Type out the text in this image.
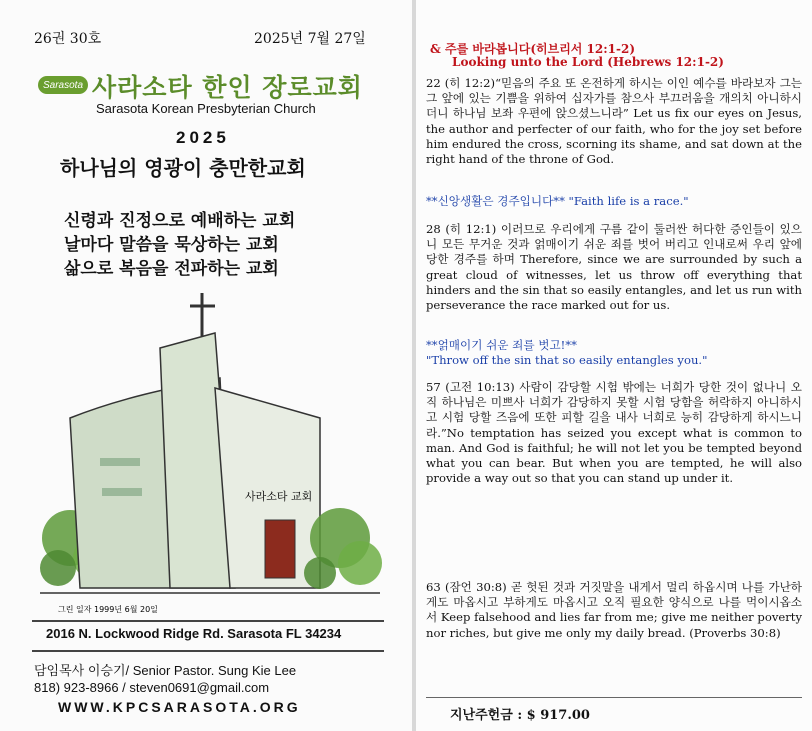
26권 30호	2025년 7월 27일
Sarasota 사라소타 한인 장로교회
Sarasota Korean Presbyterian Church
2025
하나님의 영광이 충만한교회
신령과 진정으로 예배하는 교회
날마다 말씀을 묵상하는 교회
삶으로 복음을 전파하는 교회
사라소타 교회
그린 일자 1999년 6월 20일
2016 N. Lockwood Ridge Rd. Sarasota FL 34234
담임목사 이승기/ Senior Pastor. Sung Kie Lee
818) 923-8966 / steven0691@gmail.com
WWW.KPCSARASOTA.ORG
& 주를 바라봅니다(히브리서 12:1-2)
Looking unto the Lord (Hebrews 12:1-2)
22 (히 12:2)“믿음의 주요 또 온전하게 하시는 이인 예수를 바라보자 그는 그 앞에 있는 기쁨을 위하여 십자가를 참으사 부끄러움을 개의치 아니하시더니 하나님 보좌 우편에 앉으셨느니라” Let us fix our eyes on Jesus, the author and perfecter of our faith, who for the joy set before him endured the cross, scorning its shame, and sat down at the right hand of the throne of God.
**신앙생활은 경주입니다** "Faith life is a race."
28 (히 12:1) 이러므로 우리에게 구름 같이 둘러싼 허다한 증인들이 있으니 모든 무거운 것과 얽매이기 쉬운 죄를 벗어 버리고 인내로써 우리 앞에 당한 경주를 하며 Therefore, since we are surrounded by such a great cloud of witnesses, let us throw off everything that hinders and the sin that so easily entangles, and let us run with perseverance the race marked out for us.
**얽매이기 쉬운 죄를 벗고!**
"Throw off the sin that so easily entangles you."
57 (고전 10:13) 사람이 감당할 시험 밖에는 너희가 당한 것이 없나니 오직 하나님은 미쁘사 너희가 감당하지 못할 시험 당함을 허락하지 아니하시고 시험 당할 즈음에 또한 피할 길을 내사 너희로 능히 감당하게 하시느니라.”No temptation has seized you except what is common to man. And God is faithful; he will not let you be tempted beyond what you can bear. But when you are tempted, he will also provide a way out so that you can stand up under it.
63 (잠언 30:8) 곧 헛된 것과 거짓말을 내게서 멀리 하옵시며 나를 가난하게도 마옵시고 부하게도 마옵시고 오직 필요한 양식으로 나를 먹이시옵소서 Keep falsehood and lies far from me; give me neither poverty nor riches, but give me only my daily bread. (Proverbs 30:8)
지난주헌금 : $ 917.00
